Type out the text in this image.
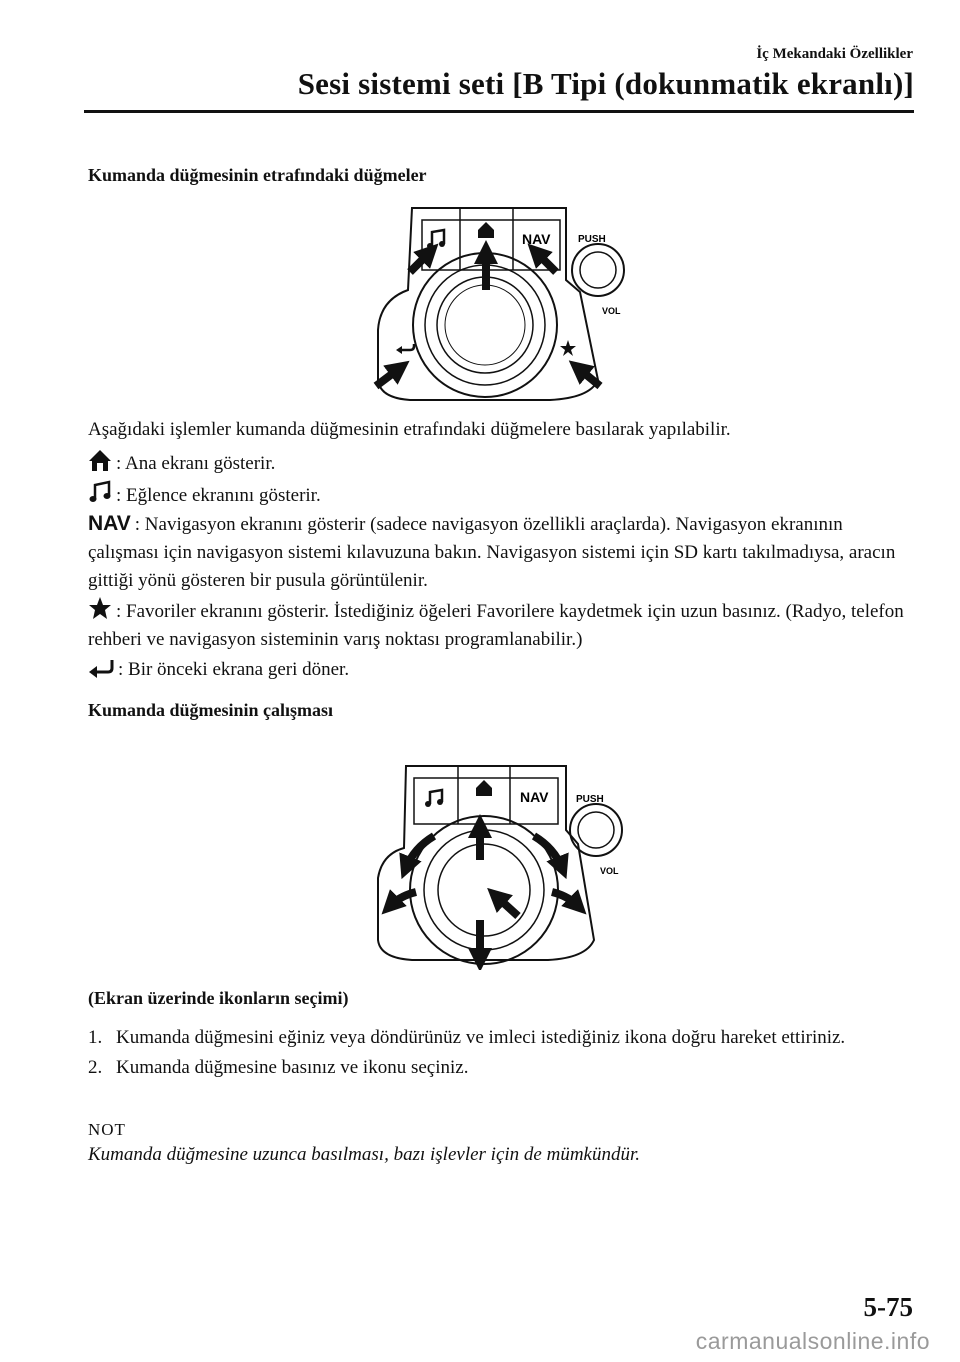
İç Mekandaki Özellikler
Sesi sistemi seti [B Tipi (dokunmatik ekranlı)]
Kumanda düğmesinin etrafındaki düğmeler
NAV	PUSH
VOL
Aşağıdaki işlemler kumanda düğmesinin etrafındaki düğmelere basılarak yapılabilir.
: Ana ekranı gösterir.
: Eğlence ekranını gösterir.
NAV : Navigasyon ekranını gösterir (sadece navigasyon özellikli araçlarda). Navigasyon ekranının çalışması için navigasyon sistemi kılavuzuna bakın. Navigasyon sistemi için SD kartı takılmadıysa, aracın gittiği yönü gösteren bir pusula görüntülenir.
: Favoriler ekranını gösterir. İstediğiniz öğeleri Favorilere kaydetmek için uzun basınız. (Radyo, telefon rehberi ve navigasyon sisteminin varış noktası programlanabilir.)
: Bir önceki ekrana geri döner.
Kumanda düğmesinin çalışması
NAV	PUSH
VOL
(Ekran üzerinde ikonların seçimi)
1. Kumanda düğmesini eğiniz veya döndürünüz ve imleci istediğiniz ikona doğru hareket ettiriniz.
2. Kumanda düğmesine basınız ve ikonu seçiniz.
NOT
Kumanda düğmesine uzunca basılması, bazı işlevler için de mümkündür.
5-75
carmanualsonline.info
